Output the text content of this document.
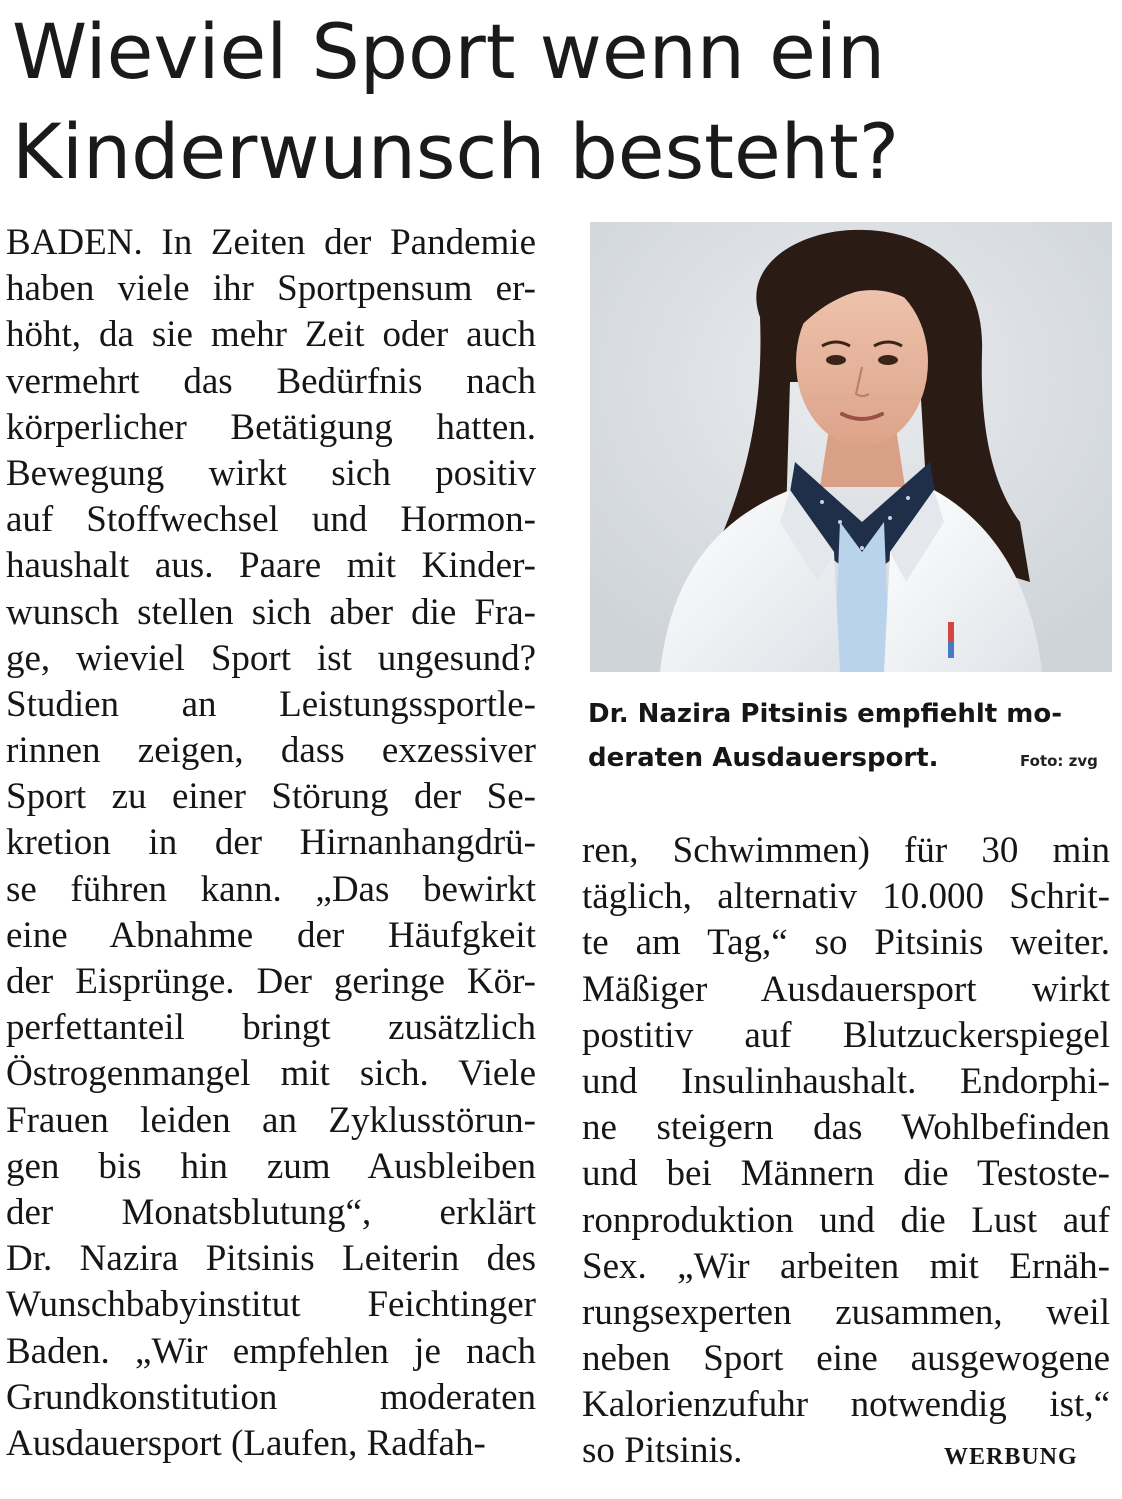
Wieviel Sport wenn ein
Kinderwunsch besteht?
BADEN. In Zeiten der Pandemie
haben viele ihr Sportpensum er-
höht, da sie mehr Zeit oder auch
vermehrt das Bedürfnis nach
körperlicher Betätigung hatten.
Bewegung wirkt sich positiv
auf Stoffwechsel und Hormon-
haushalt aus. Paare mit Kinder-
wunsch stellen sich aber die Fra-
ge, wieviel Sport ist ungesund?
Studien an Leistungssportle-
rinnen zeigen, dass exzessiver
Sport zu einer Störung der Se-
kretion in der Hirnanhangdrü-
se führen kann. „Das bewirkt
eine Abnahme der Häufgkeit
der Eisprünge. Der geringe Kör-
perfettanteil bringt zusätzlich
Östrogenmangel mit sich. Viele
Frauen leiden an Zyklusstörun-
gen bis hin zum Ausbleiben
der Monatsblutung“, erklärt
Dr. Nazira Pitsinis Leiterin des
Wunschbabyinstitut Feichtinger
Baden. „Wir empfehlen je nach
Grundkonstitution moderaten
Ausdauersport (Laufen, Radfah-
Dr. Nazira Pitsinis empfiehlt mo-
deraten Ausdauersport.	Foto: zvg
ren, Schwimmen) für 30 min
täglich, alternativ 10.000 Schrit-
te am Tag,“ so Pitsinis weiter.
Mäßiger Ausdauersport wirkt
postitiv auf Blutzuckerspiegel
und Insulinhaushalt. Endorphi-
ne steigern das Wohlbefinden
und bei Männern die Testoste-
ronproduktion und die Lust auf
Sex. „Wir arbeiten mit Ernäh-
rungsexperten zusammen, weil
neben Sport eine ausgewogene
Kalorienzufuhr notwendig ist,“
so Pitsinis.	WERBUNG
